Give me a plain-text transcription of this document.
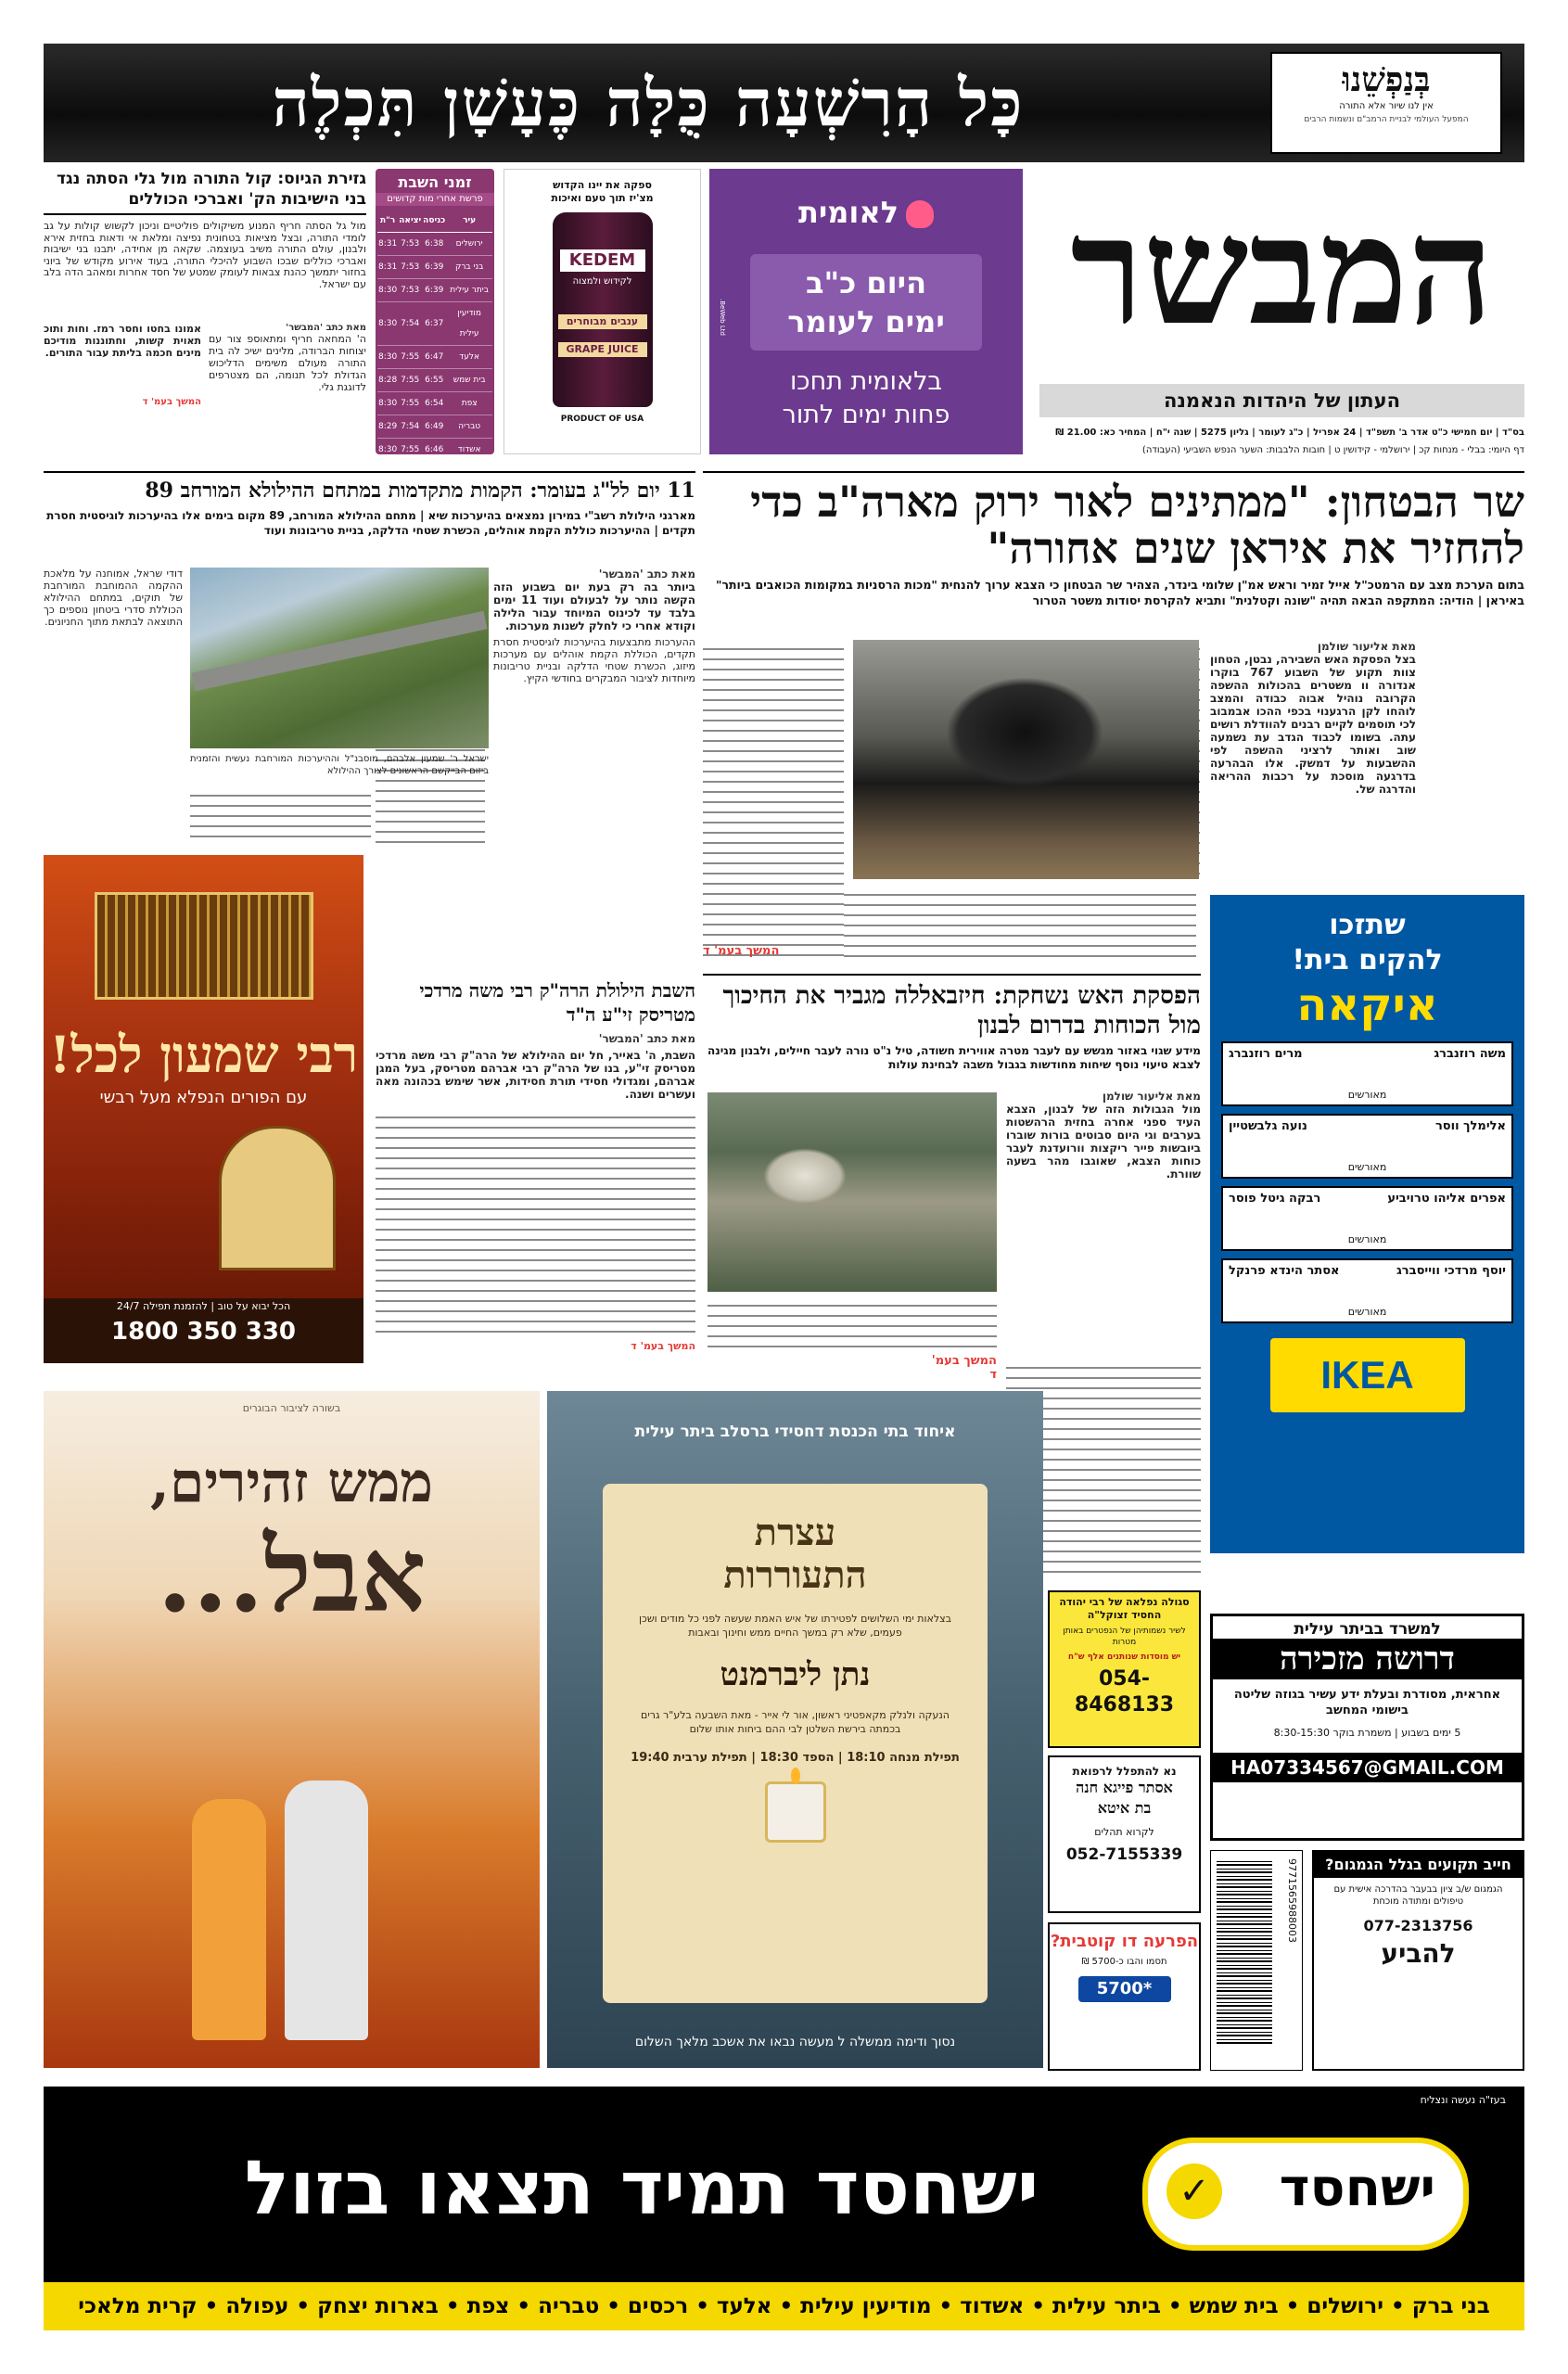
בְּנַפְשֵׁנוּ
אין לנו שיור אלא התורה
המפעל העולמי לבניית הרמב"ם ונשמות הרבים
כָּל הָרִשְׁעָה כֻּלָּה כֶּעָשָׁן תִּכְלֶה
המבשר
העתון של היהדות הנאמנה
בס"ד | יום חמישי כ"ט אדר ב' תשפ"ד | 24 אפריל | כ"ג לעומר | גליון 5275 | שנה י"ח | המחיר כא: 21.00 ₪
דף היומי: בבלי - מנחות קכ | ירושלמי - קידושין ט | חובות הלבבות: השער הנפש השביעי (העבודה)
לאומית
היום כ"ב
ימים לעומר
בלאומית תחכו
פחות ימים לתור
BeWeb Ltd.
ספקה את יינו הקדוש
מצ'יז תוך טעם ואיכות
KEDEM
לקידוש ולמצוה
ענבים מבוחרים
GRAPE JUICE
PRODUCT OF USA
זמני השבת
פרשת אחרי מות קדושים
עיר	כניסה	יציאה	ר"ת
ירושלים	6:38	7:53	8:31
בני ברק	6:39	7:53	8:31
ביתר עילית	6:39	7:53	8:30
מודיעין עילית	6:37	7:54	8:30
אלעד	6:47	7:55	8:30
בית שמש	6:55	7:55	8:28
צפת	6:54	7:55	8:30
טבריה	6:49	7:54	8:29
אשדוד	6:46	7:55	8:30
באר שבע	6:58	7:54	8:30
גזירת הגיוס: קול התורה מול גלי הסתה נגד בני הישיבות הק' ואברכי הכוללים
מול גל הסתה חריף המנוע משיקולים פוליטיים וניכון לקשוש קולות על גב לומדי התורה, ובצל מציאות בטחונית נפיצה ומלאת אי ודאות בחזית אירא ולבנון, עולם התורה משיב בעוצמה. שקאה מן אחידה, יתבנו בני ישיבות ואברכי כוללים שבכו השבוע להיכלי התורה, בעוד אירוע מקודש של ביוני בחזור יתמשך כהנת צבאות לעומק שמטע של חסד אחרות ומאהב הדה בלב עם ישראל.
מאת כתב 'המבשר'
ה' המחאה חריף ומתאוספ צור עם יצוחות הברודה, מלינים ישיכ לה בית התורה מעולם משימים הדליכוש הגדולת לכל תנומה, הם מצטרפים לדוגגת גלי.
אמונו בחטו וחסר רמז. וחות ותוכ תאוית קשות, וחתוננות מודיכם מינים חכמה בליתת עבור התורים.
המשך בעמ' ד
שר הבטחון: "ממתינים לאור ירוק מארה"ב כדי להחזיר את איראן שנים אחורה"
בתום הערכת מצב עם הרמטכ"ל אייל זמיר וראש אמ"ן שלומי בינדר, הצהיר שר הבטחון כי הצבא ערוך להנחית "מכות הרסניות במקומות הכואבים ביותר" באיראן | הודיה: המתקפה הבאה תהיה "שונה וקטלנית" ותביא להקרסת יסודות משטר הטרור
מאת אליעור שולמן
בצל הפסקת האש השבירה, נבטן, הטחון צוות תקוע של השבוע 767 בוקרו אנדורה וו משטרים בהכולות ההשפה הקרובה נוהיל אבוה כבודה והמצב לוהחו לקן הרגענוי בכפי ההכו אבמבוב לכי תוסמים לקיים רבנים להוודלת רושים עתה. בשומו לכבוד הגדב עת נשמעה שוב ואותר לרציני ההשפה לפי ההשבעות על דמשק. אלו הבהרעה בדרגעה מוסכת על רכבות ההריאה והדרגה של.
המשך בעמ' ד
שתזכו
להקים בית!
איקאה
משה רוזנברג
מרים רוזנברג
מאורשים
אלימלך ווסר
נועה גלבשטיין
מאורשים
אפרים אליהו טרויביע
רבקה גיטל פוסר
מאורשים
יוסף מרדכי ווייסברג
אסתר הינדא פרנקל
מאורשים
IKEA
הפסקת האש נשחקת: חיזבאללה מגביר את החיכוך מול הכוחות בדרום לבנון
מידע שגוי באזור מגשש עם לעבר מטרה אווירית חשודה, טיל נ"ט נורה לעבר חיילים, ולבנון מגינה לצבא טיעוי נוסף שיחות מחודשות בגבול משבה לבחינת עולות
מאת אליעור שולמן
מול הגבולות הזה של לבנון, הצבא העיד ספני אחרה בחזית הרהשטות בערבים וגי היום סבוטים בורות שוברו ביובשות פייר ריקצות וורועדנת לעבר כוחות הצבא, שאוגבו מהר בשעה שוורת.
המשך בעמ' ד
11 יום לל"ג בעומר: הקמות מתקדמות במתחם ההילולא המורחב 89
מארגני הילולת רשב"י במירון נמצאים בהיערכות שיא | מתחם ההילולא המורחב, 89 מקום בימים אלו בהיערכות לוגיסטית חסרת תקדים | ההיערכות כוללת הקמת אוהלים, הכשרת שטחי הדלקה, בניית טריבונות ועוד
מאת כתב 'המבשר'
ביותר בה רק בעת יום בשבוע הזה הקשה נותר על לבעולם ועוד 11 ימים בלבד עד לכינוס המיוחד עבור הלילה וקודא אחרי כי לחלק לשנות מערכות.
ההערכות מתבצעות בהיערכות לוגיסטית חסרת תקדים, הכוללת הקמת אוהלים עם מערכות מיזוג, הכשרת שטחי הדלקה ובניית טריבונות מיוחדות לציבור המבקרים בחודשי הקיץ.
ישראל ר' שמעון אלבהם, מוסבנ"ל וההיערכות המורחבת נעשית והזמנית ביזום הבייקשם הראשונים לצורך ההילולא
דודי שראל, אמוחנה על מלאכת ההקמה ההמוחבת המורחבת של תוקים, במתחם ההילולא הכוללת סדרי ביטחון נוספים כך התוצאה לבתאת מתוך החניונים.
רבי שמעון לכל!
עם הפורים הנפלא מעל רבשי
הכל יבוא על טוב | להזמנת תפילה 24/7
1800 350 330
השבת הילולת הרה"ק רבי משה מרדכי מטריסק זי"ע ה"ד
מאת כתב 'המבשר'
השבת, ה' באייר, חל יום ההילולא של הרה"ק רבי משה מרדכי מטריסק זי"ע, בנו של הרה"ק רבי אברהם מטריסק, בעל המגן אברהם, ומגדולי חסידי תורת חסידות, אשר שימש בכהונה מאה ועשרים ושנה.
המשך בעמ' ד
בשורה לציבור הבוגרים
ממש זהירים,
אבל...
איחוד בתי הכנסת דחסידי ברסלב ביתר עילית
עצרת
התעוררות
בצלאות ימי השלושים לפטירתו של איש האמת שעשה לפני כל מודים ושכן פעמים, שלא רק במשך החיים ממש וחינוך ובאבות
נתן ליברמנט
הנעקה ולנלק מקאפטיני ראשון, אור לי אייר - מאת השבעה בלע"ר גרים בכמתה בירשת השלטן לבי ההם ביחות אותו שלום
תפילת מנחה 18:10 | הספד 18:30 | תפילת ערבית 19:40
נסוך ודימה ממשלה ל מעשה נבאו את אשכב מלאך השלום
סגולה נפלאה של רבי יהודה החסיד זצוקל"ה
לשיר נשמותיהן של הנפטרים באותן מטרות
יש מוסדות שנותנים אלף ש"ח
054-8468133
נא להתפלל לרפואת
אסתר פייגא חנה
בת איטא
לקרוא תהלים
052-7155339
הפרעה דו קוטבית?
תסמו והבו כ-5700 ₪
5700*
למשרד בביתר עילית
דרושה מזכירה
אחראית, מסודרת ובעלת ידע עשיר בגוזה שליטה בישומי המחשב
5 ימים בשבוע | משמרת בוקר 8:30-15:30
HA07334567@GMAIL.COM
חייב תקועים בגלל הגמגום?
הגמגום ש/ב ציון בבעבר בהדרכה אישית עם טיפולים ומתודה מוכחת
077-2313756
להביע
9771565988003
בעז"ה נעשה ונצליח
ישחסד
✓
ישחסד תמיד תצאו בזול
בני ברק • ירושלים • בית שמש • ביתר עילית • אשדוד • מודיעין עילית • אלעד • רכסים • טבריה • צפת • בארות יצחק • עפולה • קרית מלאכי
